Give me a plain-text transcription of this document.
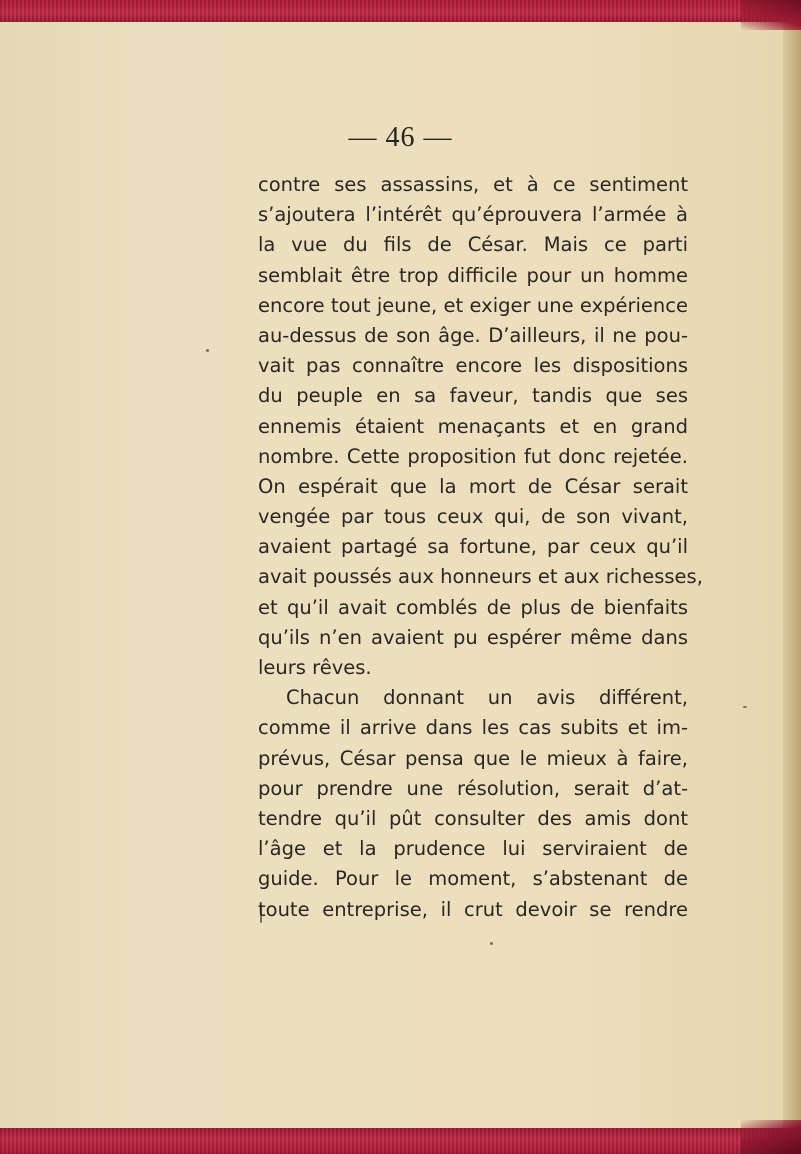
— 46 —
contre ses assassins, et à ce sentiment
s’ajoutera l’intérêt qu’éprouvera l’armée à
la vue du fils de César. Mais ce parti
semblait être trop difficile pour un homme
encore tout jeune, et exiger une expérience
au-dessus de son âge. D’ailleurs, il ne pou-
vait pas connaître encore les dispositions
du peuple en sa faveur, tandis que ses
ennemis étaient menaçants et en grand
nombre. Cette proposition fut donc rejetée.
On espérait que la mort de César serait
vengée par tous ceux qui, de son vivant,
avaient partagé sa fortune, par ceux qu’il
avait poussés aux honneurs et aux richesses,
et qu’il avait comblés de plus de bienfaits
qu’ils n’en avaient pu espérer même dans
leurs rêves.
Chacun donnant un avis différent,
comme il arrive dans les cas subits et im-
prévus, César pensa que le mieux à faire,
pour prendre une résolution, serait d’at-
tendre qu’il pût consulter des amis dont
l’âge et la prudence lui serviraient de
guide. Pour le moment, s’abstenant de
toute entreprise, il crut devoir se rendre
